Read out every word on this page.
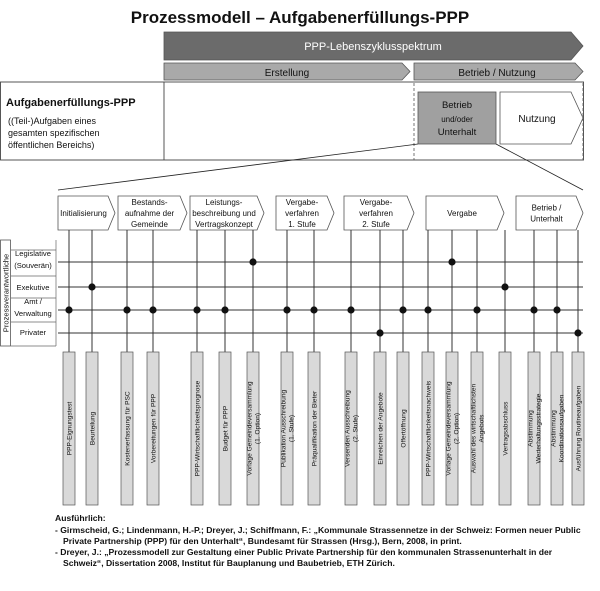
Prozessmodell – Aufgabenerfüllungs-PPP
PPP-Lebenszyklusspektrum
Erstellung	Betrieb / Nutzung
Aufgabenerfüllungs-PPP
((Teil-)Aufgaben eines
gesamten spezifischen
öffentlichen Bereichs)
Betrieb
und/oder
Unterhalt
Nutzung
Initialisierung
Bestands-
aufnahme der
Gemeinde
Leistungs-
beschreibung und
Vertragskonzept
Vergabe-
verfahren
1. Stufe
Vergabe-
verfahren
2. Stufe
Vergabe
Betrieb /
Unterhalt
Prozessverantwortliche
Legislative
(Souverän)
Exekutive
Amt /
Verwaltung
Privater
PPP-Eignungstest Beurteilung	Kostenerfassung für PSC	Vorbereitungen für PPP	PPP-Wirtschaftlichkeitsprognose	Budget für PPP	Vorlage Gemeindeversammlung (1. Option)	Publikation Ausschreibung (1. Stufe) Präqualifikation der Bieter	Versenden Ausschreibung (2. Stufe)	Einreichen der Angebote Offertöffnung	PPP-Wirtschaftlichkeitsnachweis Vorlage Gemeindeversammlung (2. Option) Auswahl des wirtschaftlichsten Angebots	Vertragsabschluss	Abstimmung Werterhaltungsstrategie Abstimmung Koordinationsaufgaben Ausführung Routineaufgaben
Ausführlich:
- Girmscheid, G.; Lindenmann, H.-P.; Dreyer, J.; Schiffmann, F.: „Kommunale Strassennetze in der Schweiz: Formen neuer Public Private Partnership (PPP) für den Unterhalt“, Bundesamt für Strassen (Hrsg.), Bern, 2008, in print.
- Dreyer, J.: „Prozessmodell zur Gestaltung einer Public Private Partnership für den kommunalen Strassenunterhalt in der Schweiz“, Dissertation 2008, Institut für Bauplanung und Baubetrieb, ETH Zürich.
